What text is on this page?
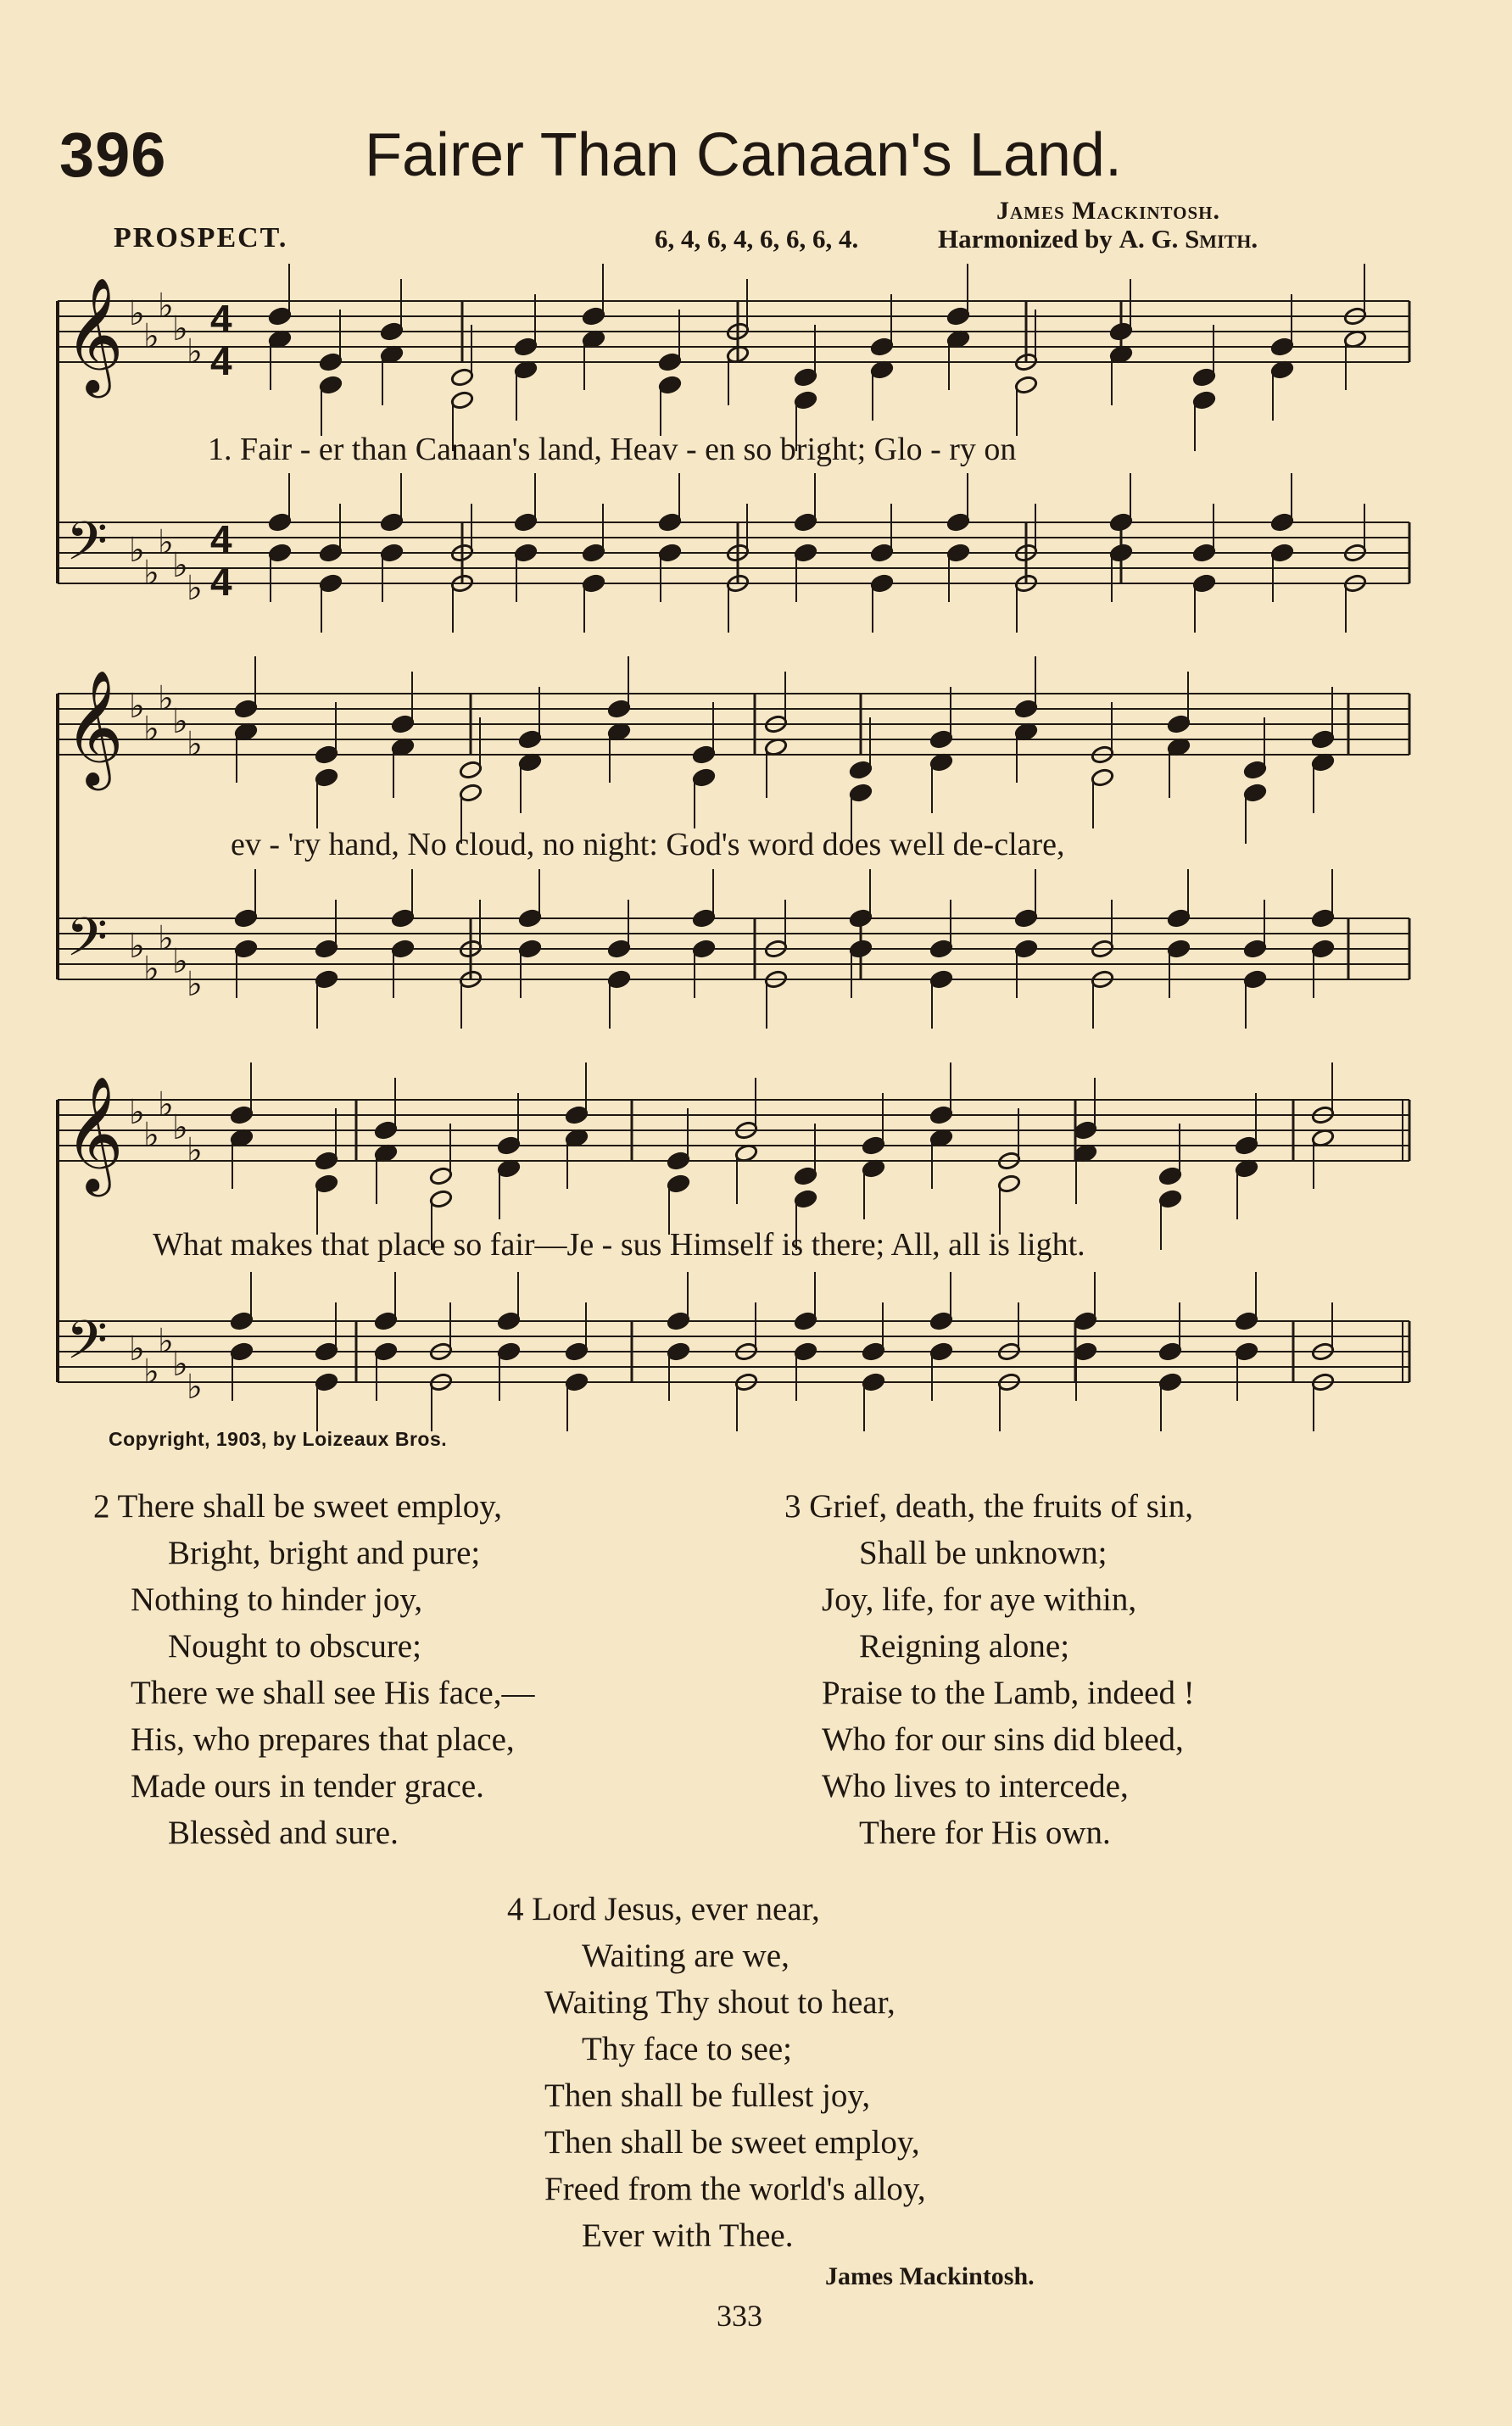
396	Fairer Than Canaan's Land.
James Mackintosh.
PROSPECT.	6, 4, 6, 4, 6, 6, 6, 4.	Harmonized by A. G. Smith.
𝄞
𝄢
♭
♭
♭
♭
♭
♭
♭
♭
♭
♭
𝄞
𝄢
♭
♭
♭
♭
♭
♭
♭
♭
♭
♭
𝄞
𝄢
♭
♭
♭
♭
♭
♭
♭
♭
♭
♭
4
4
4
4
1. Fair - er than Canaan's land, Heav - en so bright; Glo - ry on
ev - 'ry hand, No cloud, no night: God's word does well de-clare,
What makes that place so fair—Je - sus Himself is there; All, all is light.
Copyright, 1903, by Loizeaux Bros.
2 There shall be sweet employ,
Bright, bright and pure;
Nothing to hinder joy,
Nought to obscure;
There we shall see His face,—
His, who prepares that place,
Made ours in tender grace.
Blessèd and sure.
3 Grief, death, the fruits of sin,
Shall be unknown;
Joy, life, for aye within,
Reigning alone;
Praise to the Lamb, indeed !
Who for our sins did bleed,
Who lives to intercede,
There for His own.
4 Lord Jesus, ever near,
Waiting are we,
Waiting Thy shout to hear,
Thy face to see;
Then shall be fullest joy,
Then shall be sweet employ,
Freed from the world's alloy,
Ever with Thee.
James Mackintosh.
333
